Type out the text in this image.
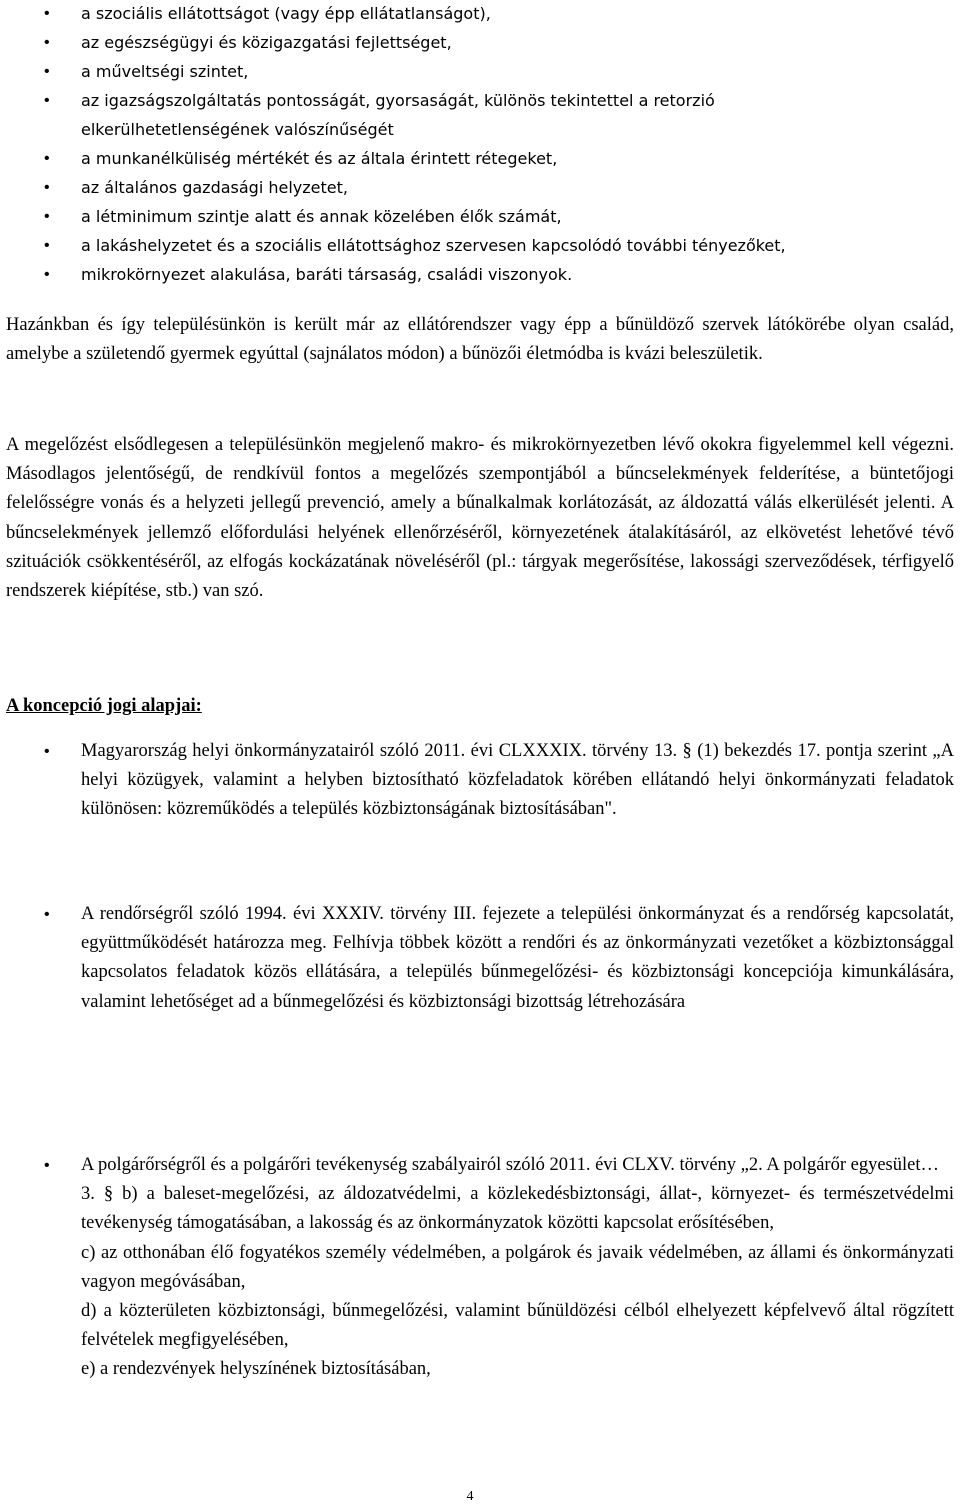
• a szociális ellátottságot (vagy épp ellátatlanságot),
• az egészségügyi és közigazgatási fejlettséget,
• a műveltségi szintet,
• az igazságszolgáltatás pontosságát, gyorsaságát, különös tekintettel a retorzió
elkerülhetetlenségének valószínűségét
• a munkanélküliség mértékét és az általa érintett rétegeket,
• az általános gazdasági helyzetet,
• a létminimum szintje alatt és annak közelében élők számát,
• a lakáshelyzetet és a szociális ellátottsághoz szervesen kapcsolódó további tényezőket,
• mikrokörnyezet alakulása, baráti társaság, családi viszonyok.

Hazánkban és így településünkön is került már az ellátórendszer vagy épp a bűnüldöző szervek látókörébe olyan család, amelybe a születendő gyermek egyúttal (sajnálatos módon) a bűnözői életmódba is kvázi beleszületik.

A megelőzést elsődlegesen a településünkön megjelenő makro- és mikrokörnyezetben lévő okokra figyelemmel kell végezni. Másodlagos jelentőségű, de rendkívül fontos a megelőzés szempontjából a bűncselekmények felderítése, a büntetőjogi felelősségre vonás és a helyzeti jellegű prevenció, amely a bűnalkalmak korlátozását, az áldozattá válás elkerülését jelenti. A bűncselekmények jellemző előfordulási helyének ellenőrzéséről, környezetének átalakításáról, az elkövetést lehetővé tévő szituációk csökkentéséről, az elfogás kockázatának növeléséről (pl.: tárgyak megerősítése, lakossági szerveződések, térfigyelő rendszerek kiépítése, stb.) van szó.

A koncepció jogi alapjai:
• Magyarország helyi önkormányzatairól szóló 2011. évi CLXXXIX. törvény 13. § (1) bekezdés 17. pontja szerint „A helyi közügyek, valamint a helyben biztosítható közfeladatok körében ellátandó helyi önkormányzati feladatok különösen: közreműködés a település közbiztonságának biztosításában".
• A rendőrségről szóló 1994. évi XXXIV. törvény III. fejezete a települési önkormányzat és a rendőrség kapcsolatát, együttműködését határozza meg. Felhívja többek között a rendőri és az önkormányzati vezetőket a közbiztonsággal kapcsolatos feladatok közös ellátására, a település bűnmegelőzési- és közbiztonsági koncepciója kimunkálására, valamint lehetőséget ad a bűnmegelőzési és közbiztonsági bizottság létrehozására
• A polgárőrségről és a polgárőri tevékenység szabályairól szóló 2011. évi CLXV. törvény „2. A polgárőr egyesület…
3. § b) a baleset-megelőzési, az áldozatvédelmi, a közlekedésbiztonsági, állat-, környezet- és természetvédelmi tevékenység támogatásában, a lakosság és az önkormányzatok közötti kapcsolat erősítésében,
c) az otthonában élő fogyatékos személy védelmében, a polgárok és javaik védelmében, az állami és önkormányzati vagyon megóvásában,
d) a közterületen közbiztonsági, bűnmegelőzési, valamint bűnüldözési célból elhelyezett képfelvevő által rögzített felvételek megfigyelésében,
e) a rendezvények helyszínének biztosításában,
4
